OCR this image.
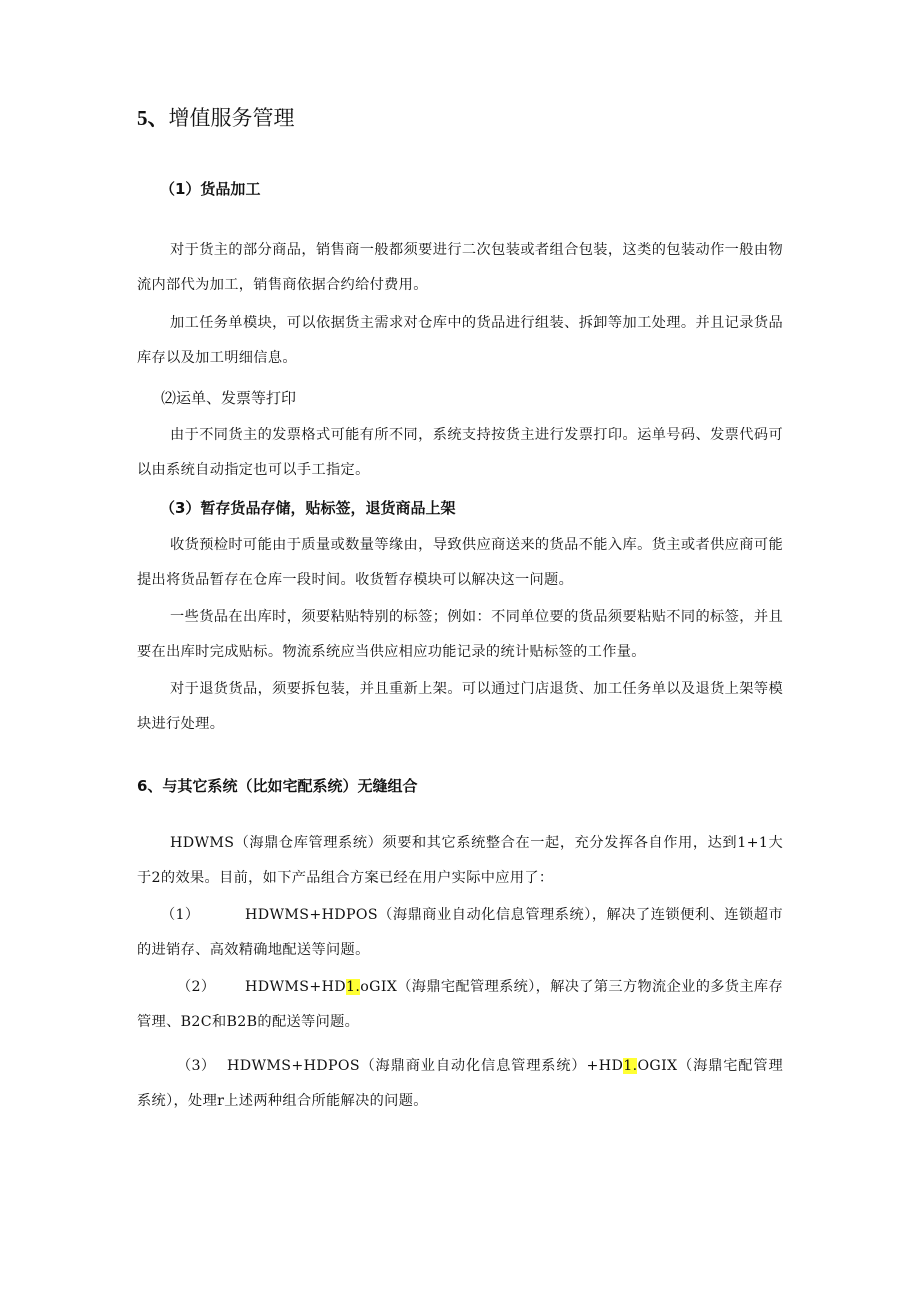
5、增值服务管理
（1）货品加工

对于货主的部分商品，销售商一般都须要进行二次包装或者组合包装，这类的包装动作一般由物流内部代为加工，销售商依据合约给付费用。

加工任务单模块，可以依据货主需求对仓库中的货品进行组装、拆卸等加工处理。并且记录货品库存以及加工明细信息。

⑵运单、发票等打印

由于不同货主的发票格式可能有所不同，系统支持按货主进行发票打印。运单号码、发票代码可以由系统自动指定也可以手工指定。

（3）暂存货品存储，贴标签，退货商品上架

收货预检时可能由于质量或数量等缘由，导致供应商送来的货品不能入库。货主或者供应商可能提出将货品暂存在仓库一段时间。收货暂存模块可以解决这一问题。

一些货品在出库时，须要粘贴特别的标签；例如：不同单位要的货品须要粘贴不同的标签，并且要在出库时完成贴标。物流系统应当供应相应功能记录的统计贴标签的工作量。

对于退货货品，须要拆包装，并且重新上架。可以通过门店退货、加工任务单以及退货上架等模块进行处理。

6、与其它系统（比如宅配系统）无缝组合

HDWMS（海鼎仓库管理系统）须要和其它系统整合在一起，充分发挥各自作用，达到1+1大于2的效果。目前，如下产品组合方案已经在用户实际中应用了：

（1）	HDWMS+HDPOS（海鼎商业自动化信息管理系统），解决了连锁便利、连锁超市的进销存、高效精确地配送等问题。

（2） HDWMS+HD1.oGIX（海鼎宅配管理系统），解决了第三方物流企业的多货主库存管理、B2C和B2B的配送等问题。

（3） HDWMS+HDPOS（海鼎商业自动化信息管理系统）+HD1.OGIX（海鼎宅配管理系统），处理r上述两种组合所能解决的问题。
